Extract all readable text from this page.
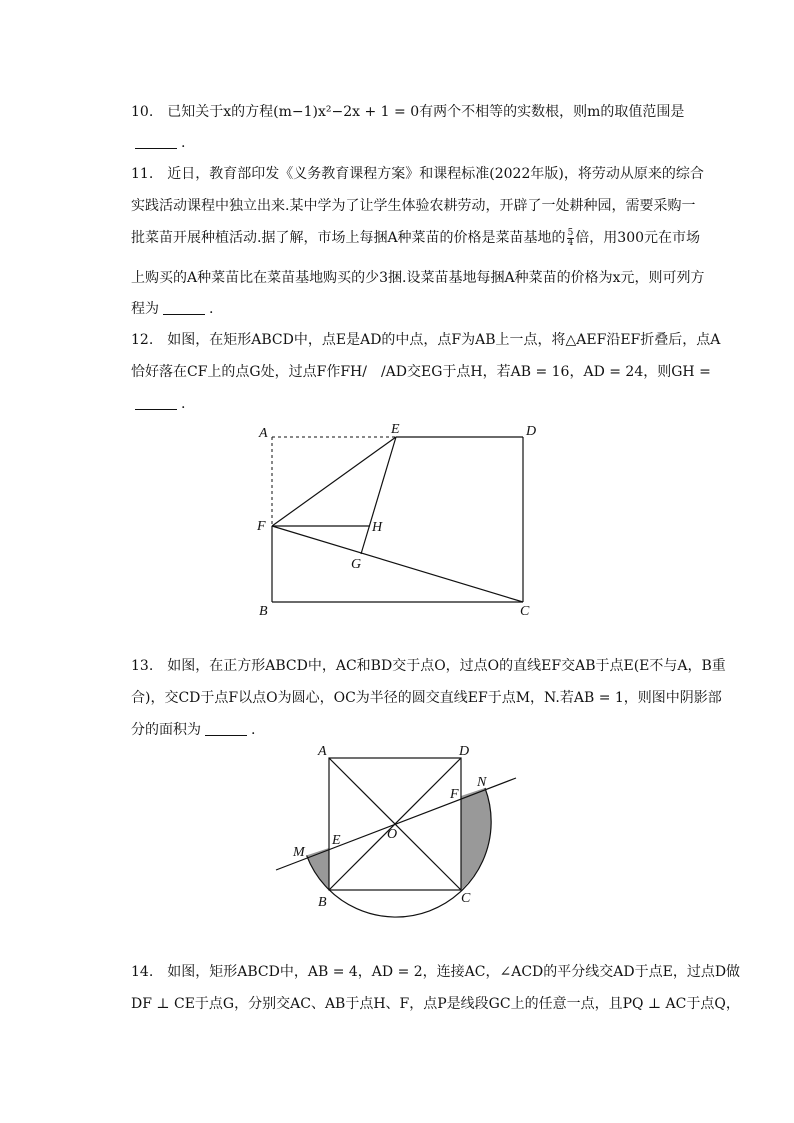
10.　已知关于x的方程(m−1)x²−2x + 1 = 0有两个不相等的实数根，则m的取值范围是
.
11.　近日，教育部印发《义务教育课程方案》和课程标准(2022年版)，将劳动从原来的综合
实践活动课程中独立出来.某中学为了让学生体验农耕劳动，开辟了一处耕种园，需要采购一
批菜苗开展种植活动.据了解，市场上每捆A种菜苗的价格是菜苗基地的 $\frac{5}{4}$ 倍，用300元在市场
上购买的A种菜苗比在菜苗基地购买的少3捆.设菜苗基地每捆A种菜苗的价格为x元，则可列方
程为	.
12.　如图，在矩形ABCD中，点E是AD的中点，点F为AB上一点，将△AEF沿EF折叠后，点A
恰好落在CF上的点G处，过点F作FH/　/AD交EG于点H，若AB = 16，AD = 24，则GH =
.
A	E	D
F	H
G
B	C
13.　如图，在正方形ABCD中，AC和BD交于点O，过点O的直线EF交AB于点E(E不与A，B重
合)，交CD于点F以点O为圆心，OC为半径的圆交直线EF于点M，N.若AB = 1，则图中阴影部
分的面积为	.
A	D
N
F
M
E	O
B	C
14.　如图，矩形ABCD中，AB = 4，AD = 2，连接AC，∠ACD的平分线交AD于点E，过点D做
DF ⊥ CE于点G，分别交AC、AB于点H、F，点P是线段GC上的任意一点，且PQ ⊥ AC于点Q，
